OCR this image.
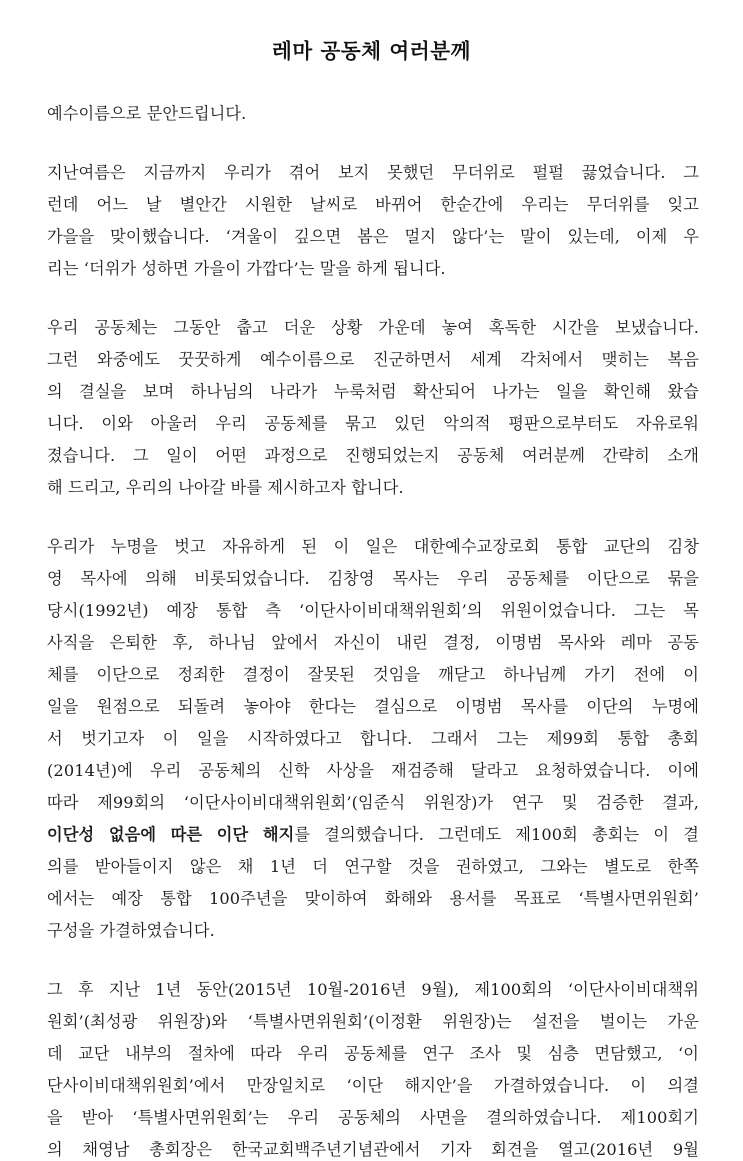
레마 공동체 여러분께

예수이름으로 문안드립니다.

지난여름은 지금까지 우리가 겪어 보지 못했던 무더위로 펄펄 끓었습니다. 그

런데 어느 날 별안간 시원한 날씨로 바뀌어 한순간에 우리는 무더위를 잊고

가을을 맞이했습니다. ‘겨울이 깊으면 봄은 멀지 않다’는 말이 있는데, 이제 우

리는 ‘더위가 성하면 가을이 가깝다’는 말을 하게 됩니다.

우리 공동체는 그동안 춥고 더운 상황 가운데 놓여 혹독한 시간을 보냈습니다.

그런 와중에도 꿋꿋하게 예수이름으로 진군하면서 세계 각처에서 맺히는 복음

의 결실을 보며 하나님의 나라가 누룩처럼 확산되어 나가는 일을 확인해 왔습

니다. 이와 아울러 우리 공동체를 묶고 있던 악의적 평판으로부터도 자유로워

졌습니다. 그 일이 어떤 과정으로 진행되었는지 공동체 여러분께 간략히 소개

해 드리고, 우리의 나아갈 바를 제시하고자 합니다.

우리가 누명을 벗고 자유하게 된 이 일은 대한예수교장로회 통합 교단의 김창

영 목사에 의해 비롯되었습니다. 김창영 목사는 우리 공동체를 이단으로 묶을

당시(1992년) 예장 통합 측 ‘이단사이비대책위원회’의 위원이었습니다. 그는 목

사직을 은퇴한 후, 하나님 앞에서 자신이 내린 결정, 이명범 목사와 레마 공동

체를 이단으로 정죄한 결정이 잘못된 것임을 깨닫고 하나님께 가기 전에 이

일을 원점으로 되돌려 놓아야 한다는 결심으로 이명범 목사를 이단의 누명에

서 벗기고자 이 일을 시작하였다고 합니다. 그래서 그는 제99회 통합 총회

(2014년)에 우리 공동체의 신학 사상을 재검증해 달라고 요청하였습니다. 이에

따라 제99회의 ‘이단사이비대책위원회’(임준식 위원장)가 연구 및 검증한 결과,

이단성 없음에 따른 이단 해지를 결의했습니다. 그런데도 제100회 총회는 이 결

의를 받아들이지 않은 채 1년 더 연구할 것을 권하였고, 그와는 별도로 한쪽

에서는 예장 통합 100주년을 맞이하여 화해와 용서를 목표로 ‘특별사면위원회’

구성을 가결하였습니다.

그 후 지난 1년 동안(2015년 10월-2016년 9월), 제100회의 ‘이단사이비대책위

원회’(최성광 위원장)와 ‘특별사면위원회’(이정환 위원장)는 설전을 벌이는 가운

데 교단 내부의 절차에 따라 우리 공동체를 연구 조사 및 심층 면담했고, ‘이

단사이비대책위원회’에서 만장일치로 ‘이단 해지안’을 가결하였습니다. 이 의결

을 받아 ‘특별사면위원회’는 우리 공동체의 사면을 결의하였습니다. 제100회기

의 채영남 총회장은 한국교회백주년기념관에서 기자 회견을 열고(2016년 9월
